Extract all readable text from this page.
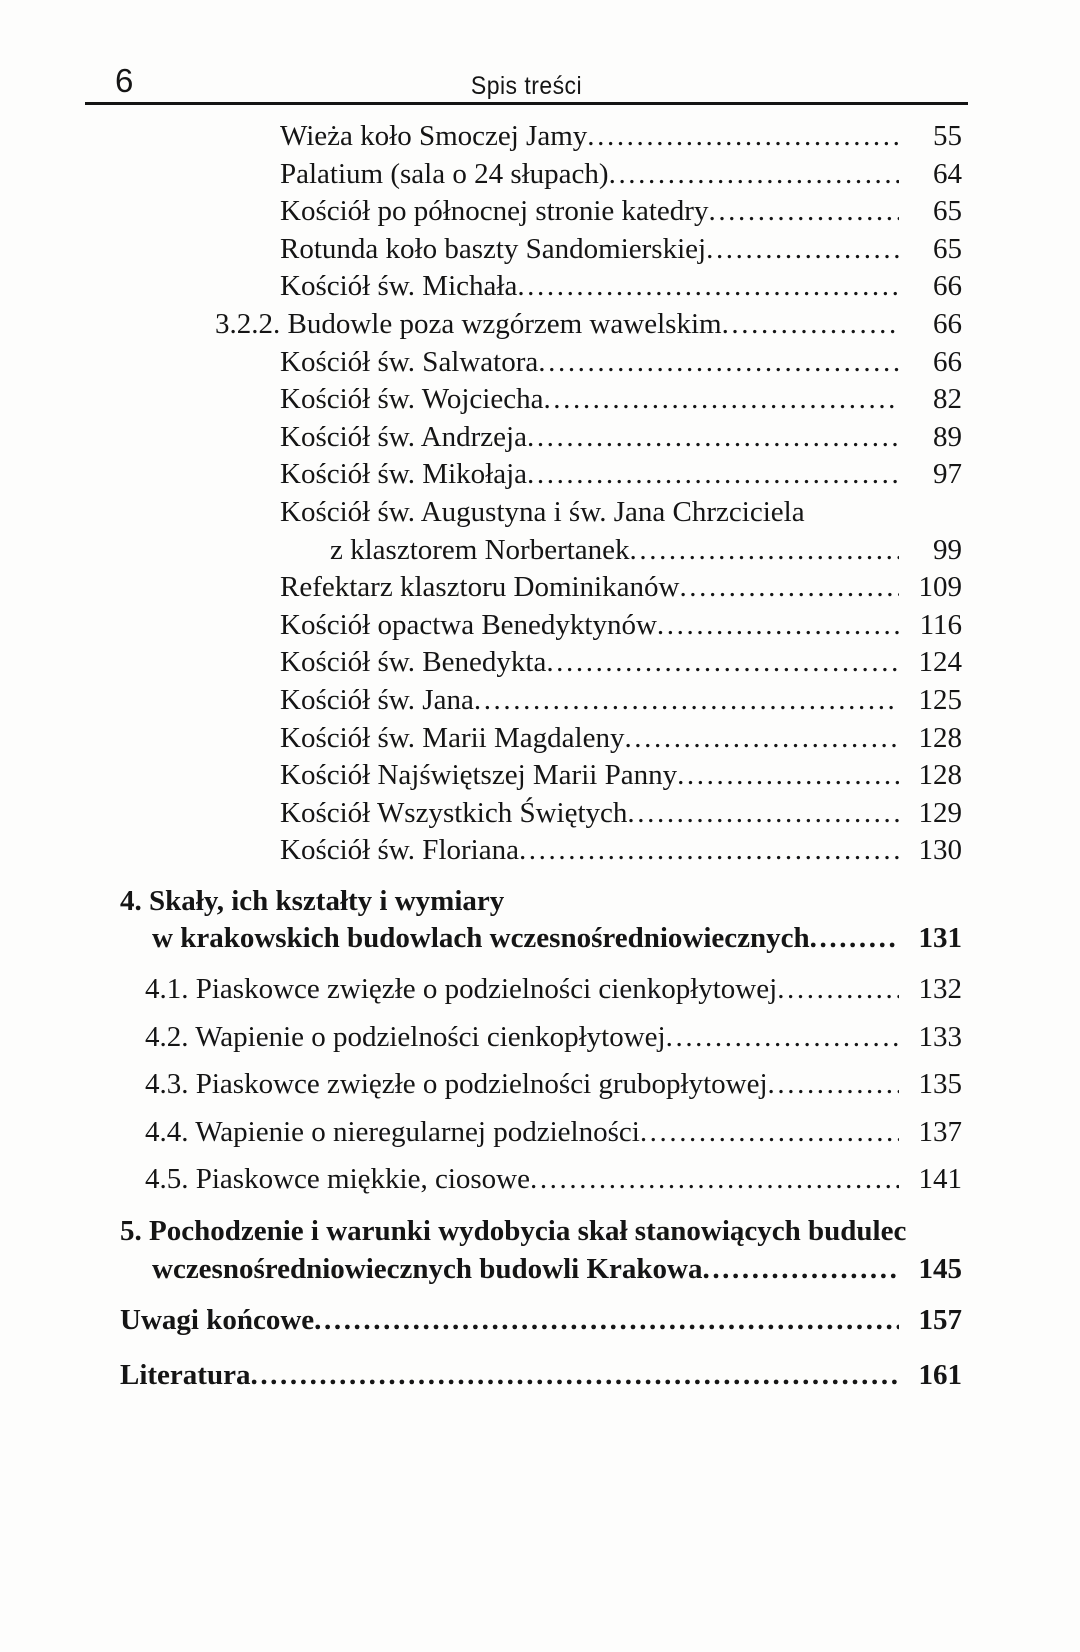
6	Spis treści
Wieża koło Smoczej Jamy .....	55
Palatium (sala o 24 słupach) .....	64
Kościół po północnej stronie katedry .....	65
Rotunda koło baszty Sandomierskiej .....	65
Kościół św. Michała .....	66
3.2.2. Budowle poza wzgórzem wawelskim .....	66
Kościół św. Salwatora .....	66
Kościół św. Wojciecha .....	82
Kościół św. Andrzeja .....	89
Kościół św. Mikołaja .....	97
Kościół św. Augustyna i św. Jana Chrzciciela
z klasztorem Norbertanek .....	99
Refektarz klasztoru Dominikanów .....	109
Kościół opactwa Benedyktynów .....	116
Kościół św. Benedykta .....	124
Kościół św. Jana .....	125
Kościół św. Marii Magdaleny .....	128
Kościół Najświętszej Marii Panny .....	128
Kościół Wszystkich Świętych .....	129
Kościół św. Floriana .....	130
4. Skały, ich kształty i wymiary
w krakowskich budowlach wczesnośredniowiecznych .....	131
4.1. Piaskowce zwięzłe o podzielności cienkopłytowej .....	132
4.2. Wapienie o podzielności cienkopłytowej .....	133
4.3. Piaskowce zwięzłe o podzielności grubopłytowej .....	135
4.4. Wapienie o nieregularnej podzielności .....	137
4.5. Piaskowce miękkie, ciosowe .....	141
5. Pochodzenie i warunki wydobycia skał stanowiących budulec
wczesnośredniowiecznych budowli Krakowa .....	145
Uwagi końcowe .....	157
Literatura .....	161
